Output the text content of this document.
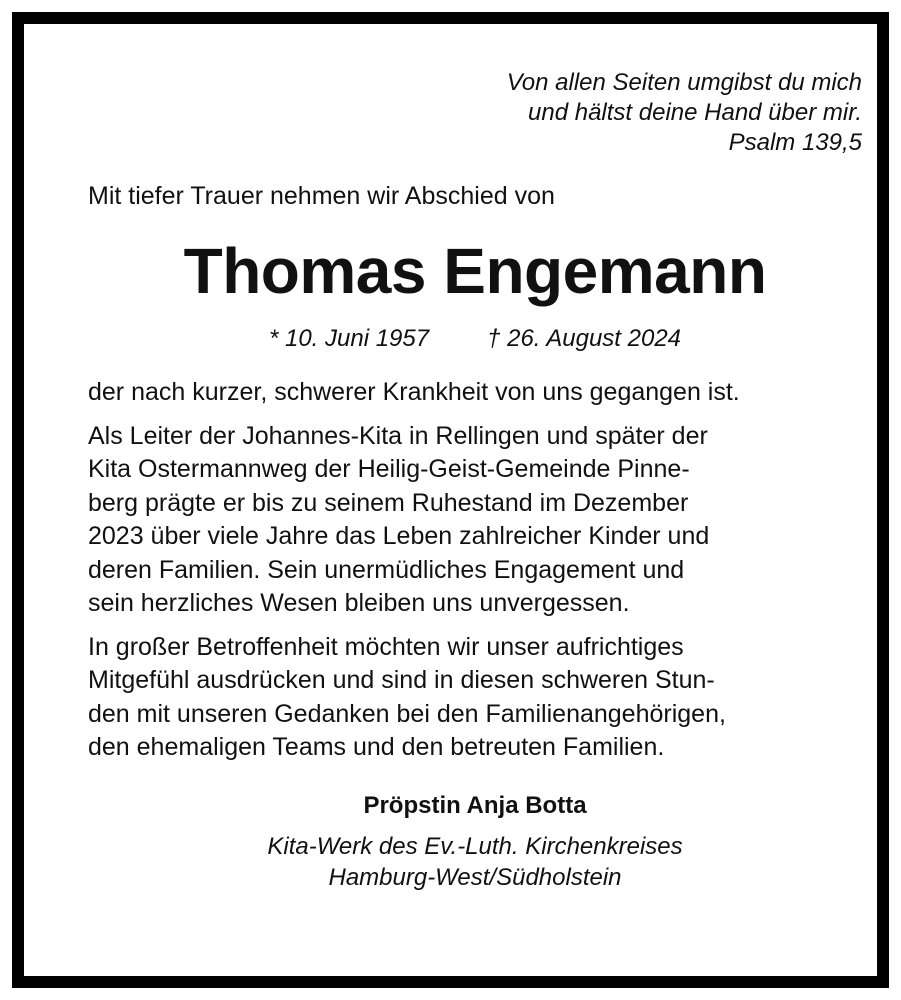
Von allen Seiten umgibst du mich
und hältst deine Hand über mir.
Psalm 139,5
Mit tiefer Trauer nehmen wir Abschied von
Thomas Engemann
* 10. Juni 1957 † 26. August 2024
der nach kurzer, schwerer Krankheit von uns gegangen ist.
Als Leiter der Johannes-Kita in Rellingen und später der
Kita Ostermannweg der Heilig-Geist-Gemeinde Pinne-
berg prägte er bis zu seinem Ruhestand im Dezember
2023 über viele Jahre das Leben zahlreicher Kinder und
deren Familien. Sein unermüdliches Engagement und
sein herzliches Wesen bleiben uns unvergessen.
In großer Betroffenheit möchten wir unser aufrichtiges
Mitgefühl ausdrücken und sind in diesen schweren Stun-
den mit unseren Gedanken bei den Familienangehörigen,
den ehemaligen Teams und den betreuten Familien.
Pröpstin Anja Botta
Kita-Werk des Ev.-Luth. Kirchenkreises
Hamburg-West/Südholstein
